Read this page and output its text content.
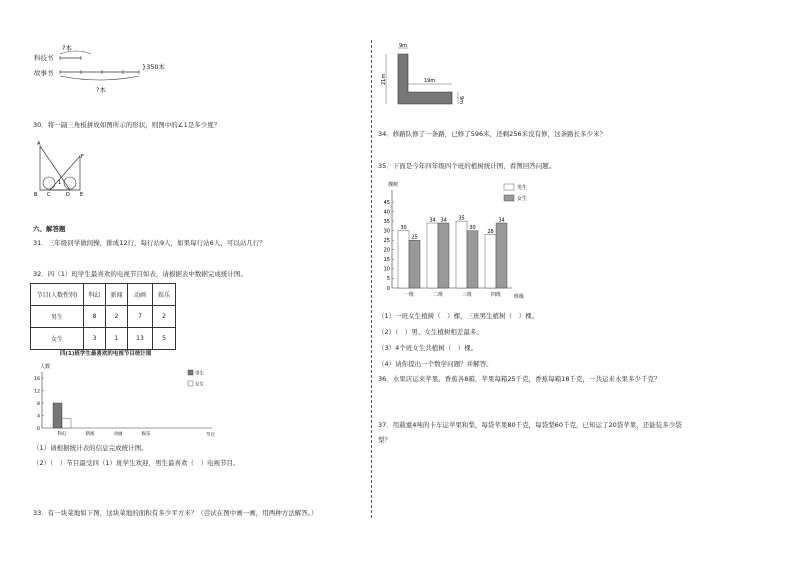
?本
科技书
故事书
}350本
?本
30．将一副三角板拼成如图所示的形状，则图中的∠1是多少度？
A
F
1
B C	D E
六、解答题
31．三年级同学做间操，排成12行，每行站9人，如果每行站6人，可以站几行？
32．四（1）班学生最喜欢的电视节目如表，请根据表中数据完成统计图。
节目(人数性别)	科幻	新闻	动画	娱乐
男生	8	2	7	2
女生	3	1	13	5
四(1)班学生最喜欢的电视节目统计图
人数
节目
男生
女生
16
12
8
4
0
科幻	新闻	动画	娱乐
（1）请根据统计表的信息完成统计图。
（2）（　）节目最受四（1）班学生欢迎，男生最喜欢（　）电视节目。
33．有一块菜地如下图，这块菜地的面积有多少平方米？（尝试在图中画一画，用两种方法解答。）
9m
21m	19m
9m
34．修路队修了一条路，已修了596米，还剩256米没有修，这条路长多少米？
35．下面是今年四年级四个班的植树统计图，看图回答问题。
棵树
班级
男生
女生
45
40
35
30
25
20
15
10
5
0
一班
30
25
二班
34 34
三班
35
30
四班
28
34
（1）一班女生植树（　）棵，三班男生植树（　）棵。
（2）（　）男、女生植树相差最多。
（3）4个班女生共植树（　）棵。
（4）请你提出一个数学问题？并解答。
36．水果店运来苹果、香蕉各8箱，苹果每箱25千克，香蕉每箱18千克，一共运来水果多少千克？
37．用载重4吨的卡车运苹果和梨，每袋苹果80千克，每袋梨60千克，已知运了20袋苹果，还能装多少袋
梨？
